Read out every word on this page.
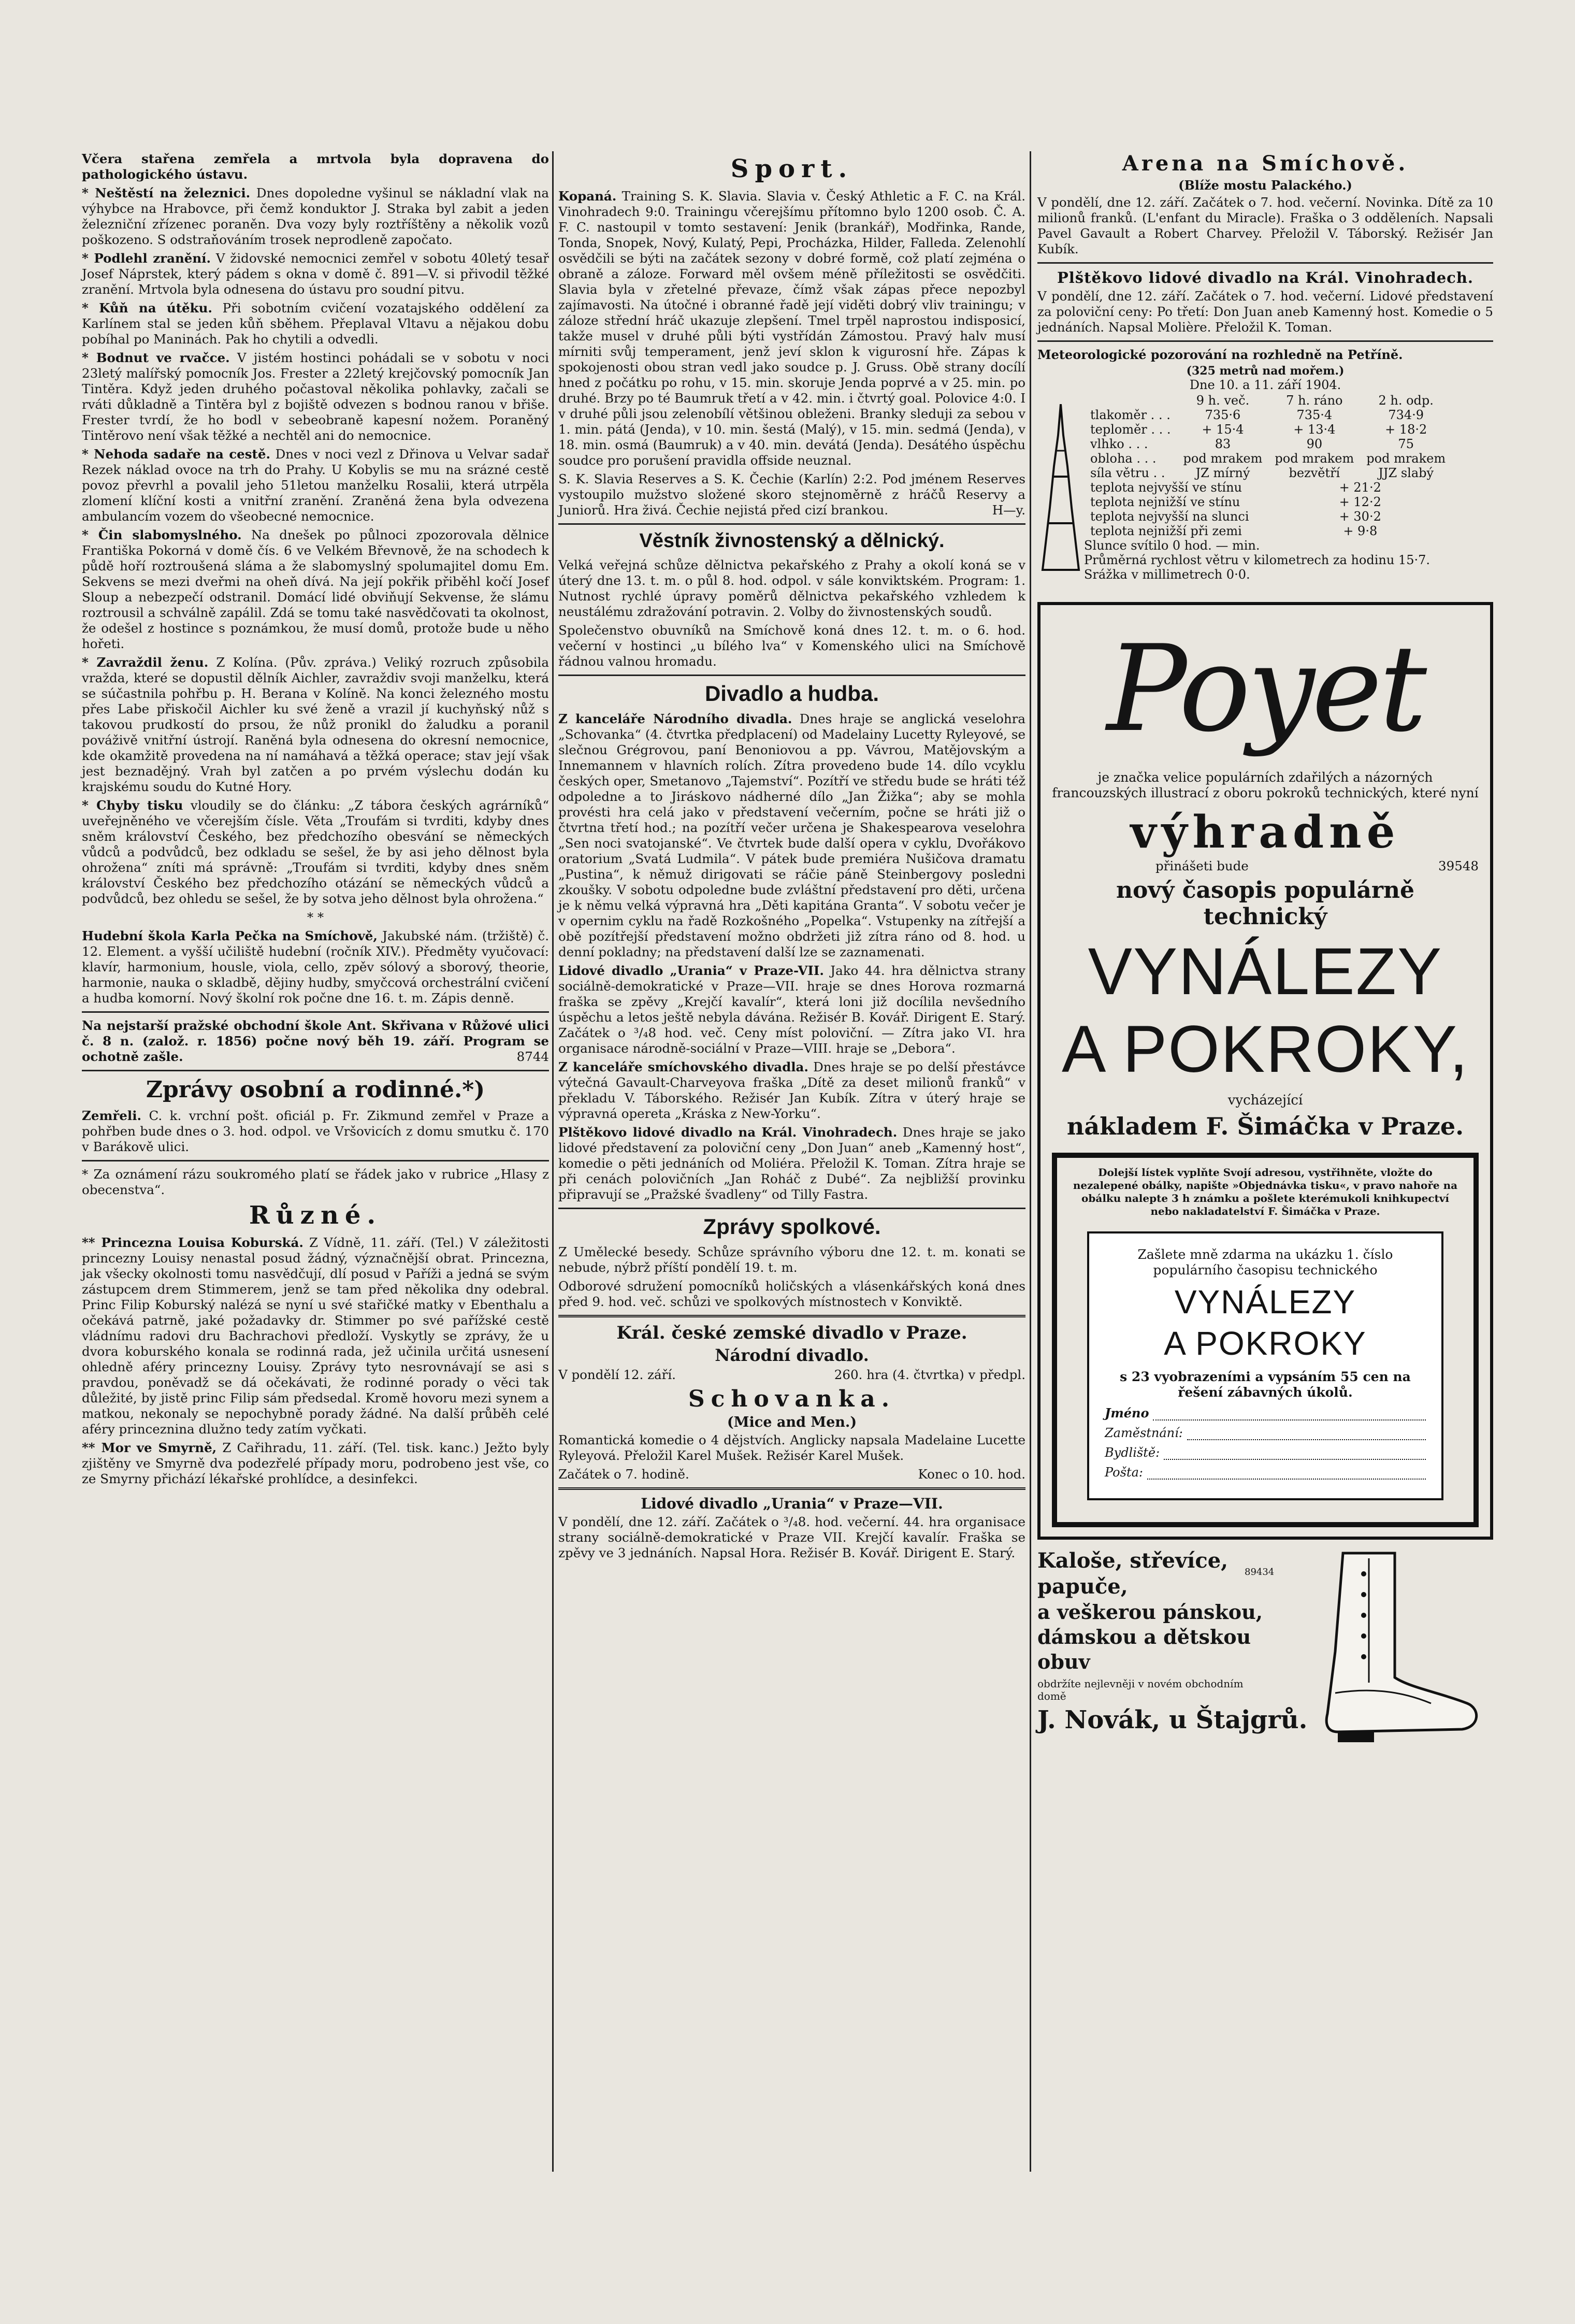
Včera stařena zemřela a mrtvola byla dopravena do pathologického ústavu.

* Neštěstí na železnici. Dnes dopoledne vyšinul se nákladní vlak na výhybce na Hrabovce, při čemž konduktor J. Straka byl zabit a jeden železniční zřízenec poraněn. Dva vozy byly roztříštěny a několik vozů poškozeno. S odstraňováním trosek neprodleně započato.

* Podlehl zranění. V židovské nemocnici zemřel v sobotu 40letý tesař Josef Náprstek, který pádem s okna v domě č. 891—V. si přivodil těžké zranění. Mrtvola byla odnesena do ústavu pro soudní pitvu.

* Kůň na útěku. Při sobotním cvičení vozatajského oddělení za Karlínem stal se jeden kůň sběhem. Přeplaval Vltavu a nějakou dobu pobíhal po Maninách. Pak ho chytili a odvedli.

* Bodnut ve rvačce. V jistém hostinci pohádali se v sobotu v noci 23letý malířský pomocník Jos. Frester a 22letý krejčovský pomocník Jan Tintěra. Když jeden druhého počastoval několika pohlavky, začali se rváti důkladně a Tintěra byl z bojiště odvezen s bodnou ranou v břiše. Frester tvrdí, že ho bodl v sebeobraně kapesní nožem. Poraněný Tintěrovo není však těžké a nechtěl ani do nemocnice.

* Nehoda sadaře na cestě. Dnes v noci vezl z Dřinova u Velvar sadař Rezek náklad ovoce na trh do Prahy. U Kobylis se mu na srázné cestě povoz převrhl a povalil jeho 51letou manželku Rosalii, která utrpěla zlomení klíční kosti a vnitřní zranění. Zraněná žena byla odvezena ambulancím vozem do všeobecné nemocnice.

* Čin slabomyslného. Na dnešek po půlnoci zpozorovala dělnice Františka Pokorná v domě čís. 6 ve Velkém Břevnově, že na schodech k půdě hoří roztroušená sláma a že slabomyslný spolumajitel domu Em. Sekvens se mezi dveřmi na oheň dívá. Na její pokřik přiběhl kočí Josef Sloup a nebezpečí odstranil. Domácí lidé obviňují Sekvense, že slámu roztrousil a schválně zapálil. Zdá se tomu také nasvědčovati ta okolnost, že odešel z hostince s poznámkou, že musí domů, protože bude u něho hořeti.

* Zavraždil ženu. Z Kolína. (Pův. zpráva.) Veliký rozruch způsobila vražda, které se dopustil dělník Aichler, zavraždiv svoji manželku, která se súčastnila pohřbu p. H. Berana v Kolíně. Na konci železného mostu přes Labe přiskočil Aichler ku své ženě a vrazil jí kuchyňský nůž s takovou prudkostí do prsou, že nůž pronikl do žaludku a poranil pováživě vnitřní ústrojí. Raněná byla odnesena do okresní nemocnice, kde okamžitě provedena na ní namáhavá a těžká operace; stav její však jest beznadějný. Vrah byl zatčen a po prvém výslechu dodán ku krajskému soudu do Kutné Hory.

* Chyby tisku vloudily se do článku: „Z tábora českých agrárníků“ uveřejněného ve včerejším čísle. Věta „Troufám si tvrditi, kdyby dnes sněm království Českého, bez předchozího obesvání se německých vůdců a podvůdců, bez odkladu se sešel, že by asi jeho dělnost byla ohrožena“ zníti má správně: „Troufám si tvrditi, kdyby dnes sněm království Českého bez předchozího otázání se německých vůdců a podvůdců, bez ohledu se sešel, že by sotva jeho dělnost byla ohrožena.“

* *

Hudební škola Karla Pečka na Smíchově, Jakubské nám. (tržiště) č. 12. Element. a vyšší učiliště hudební (ročník XIV.). Předměty vyučovací: klavír, harmonium, housle, viola, cello, zpěv sólový a sborový, theorie, harmonie, nauka o skladbě, dějiny hudby, smyčcová orchestrální cvičení a hudba komorní. Nový školní rok počne dne 16. t. m. Zápis denně.

Na nejstarší pražské obchodní škole Ant. Skřivana v Růžové ulici č. 8 n. (založ. r. 1856) počne nový běh 19. září. Program se ochotně zašle.	8744

Zprávy osobní a rodinné.*)

Zemřeli. C. k. vrchní pošt. oficiál p. Fr. Zikmund zemřel v Praze a pohřben bude dnes o 3. hod. odpol. ve Vršovicích z domu smutku č. 170 v Barákově ulici.

* Za oznámení rázu soukromého platí se řádek jako v rubrice „Hlasy z obecenstva“.

Různé.

** Princezna Louisa Koburská. Z Vídně, 11. září. (Tel.) V záležitosti princezny Louisy nenastal posud žádný, význačnější obrat. Princezna, jak všecky okolnosti tomu nasvědčují, dlí posud v Paříži a jedná se svým zástupcem drem Stimmerem, jenž se tam před několika dny odebral. Princ Filip Koburský nalézá se nyní u své stařičké matky v Ebenthalu a očekává patrně, jaké požadavky dr. Stimmer po své pařížské cestě vládnímu radovi dru Bachrachovi předloží. Vyskytly se zprávy, že u dvora koburského konala se rodinná rada, jež učinila určitá usnesení ohledně aféry princezny Louisy. Zprávy tyto nesrovnávají se asi s pravdou, poněvadž se dá očekávati, že rodinné porady o věci tak důležité, by jistě princ Filip sám předsedal. Kromě hovoru mezi synem a matkou, nekonaly se nepochybně porady žádné. Na další průběh celé aféry princeznina dlužno tedy zatím vyčkati.

** Mor ve Smyrně, Z Cařihradu, 11. září. (Tel. tisk. kanc.) Ježto byly zjištěny ve Smyrně dva podezřelé případy moru, podrobeno jest vše, co ze Smyrny přichází lékařské prohlídce, a desinfekci.

Sport.

Kopaná. Training S. K. Slavia. Slavia v. Český Athletic a F. C. na Král. Vinohradech 9:0. Trainingu včerejšímu přítomno bylo 1200 osob. Č. A. F. C. nastoupil v tomto sestavení: Jenik (brankář), Modřinka, Rande, Tonda, Snopek, Nový, Kulatý, Pepi, Procházka, Hilder, Falleda. Zelenohlí osvědčili se býti na začátek sezony v dobré formě, což platí zejména o obraně a záloze. Forward měl ovšem méně příležitosti se osvědčiti. Slavia byla v zřetelné převaze, čímž však zápas přece nepozbyl zajímavosti. Na útočné i obranné řadě její viděti dobrý vliv trainingu; v záloze střední hráč ukazuje zlepšení. Tmel trpěl naprostou indisposicí, takže musel v druhé půli býti vystřídán Zámostou. Pravý halv musí mírniti svůj temperament, jenž jeví sklon k vigurosní hře. Zápas k spokojenosti obou stran vedl jako soudce p. J. Gruss. Obě strany docílí hned z počátku po rohu, v 15. min. skoruje Jenda poprvé a v 25. min. po druhé. Brzy po té Baumruk třetí a v 42. min. i čtvrtý goal. Polovice 4:0. I v druhé půli jsou zelenobílí většinou obleženi. Branky sleduji za sebou v 1. min. pátá (Jenda), v 10. min. šestá (Malý), v 15. min. sedmá (Jenda), v 18. min. osmá (Baumruk) a v 40. min. devátá (Jenda). Desátého úspěchu soudce pro porušení pravidla offside neuznal.

S. K. Slavia Reserves a S. K. Čechie (Karlín) 2:2. Pod jménem Reserves vystoupilo mužstvo složené skoro stejnoměrně z hráčů Reservy a Juniorů. Hra živá. Čechie nejistá před cizí brankou.	H—y.

Věstník živnostenský a dělnický.

Velká veřejná schůze dělnictva pekařského z Prahy a okolí koná se v úterý dne 13. t. m. o půl 8. hod. odpol. v sále konviktském. Program: 1. Nutnost rychlé úpravy poměrů dělnictva pekařského vzhledem k neustálému zdražování potravin. 2. Volby do živnostenských soudů.

Společenstvo obuvníků na Smíchově koná dnes 12. t. m. o 6. hod. večerní v hostinci „u bílého lva“ v Komenského ulici na Smíchově řádnou valnou hromadu.

Divadlo a hudba.

Z kanceláře Národního divadla. Dnes hraje se anglická veselohra „Schovanka“ (4. čtvrtka předplacení) od Madelainy Lucetty Ryleyové, se slečnou Grégrovou, paní Benoniovou a pp. Vávrou, Matějovským a Innemannem v hlavních rolích. Zítra provedeno bude 14. dílo vcyklu českých oper, Smetanovo „Tajemství“. Pozítří ve středu bude se hráti též odpoledne a to Jiráskovo nádherné dílo „Jan Žižka“; aby se mohla provésti hra celá jako v představení večerním, počne se hráti již o čtvrtna třetí hod.; na pozítří večer určena je Shakespearova veselohra „Sen noci svatojanské“. Ve čtvrtek bude další opera v cyklu, Dvořákovo oratorium „Svatá Ludmila“. V pátek bude premiéra Nušičova dramatu „Pustina“, k němuž dirigovati se ráčie páně Steinbergovy posledni zkoušky. V sobotu odpoledne bude zvláštní představení pro děti, určena je k němu velká výpravná hra „Děti kapitána Granta“. V sobotu večer je v opernim cyklu na řadě Rozkošného „Popelka“. Vstupenky na zítřejší a obě pozítřejší představení možno obdržeti již zítra ráno od 8. hod. u denní pokladny; na představení další lze se zaznamenati.

Lidové divadlo „Urania“ v Praze-VII. Jako 44. hra dělnictva strany sociálně-demokratické v Praze—VII. hraje se dnes Horova rozmarná fraška se zpěvy „Krejčí kavalír“, která loni již docílila nevšedního úspěchu a letos ještě nebyla dávána. Režisér B. Kovář. Dirigent E. Starý. Začátek o ³/₄8 hod. več. Ceny míst poloviční. — Zítra jako VI. hra organisace národně-sociální v Praze—VIII. hraje se „Debora“.

Z kanceláře smíchovského divadla. Dnes hraje se po delší přestávce výtečná Gavault-Charveyova fraška „Dítě za deset milionů franků“ v překladu V. Táborského. Režisér Jan Kubík. Zítra v úterý hraje se výpravná opereta „Kráska z New-Yorku“.

Plštěkovo lidové divadlo na Král. Vinohradech. Dnes hraje se jako lidové představení za poloviční ceny „Don Juan“ aneb „Kamenný host“, komedie o pěti jednáních od Moliéra. Přeložil K. Toman. Zítra hraje se při cenách polovičních „Jan Roháč z Dubé“. Za nejbližší provinku připravují se „Pražské švadleny“ od Tilly Fastra.

Zprávy spolkové.

Z Umělecké besedy. Schůze správního výboru dne 12. t. m. konati se nebude, nýbrž příští pondělí 19. t. m.

Odborové sdružení pomocníků holičských a vlásenkářských koná dnes před 9. hod. več. schůzi ve spolkových místnostech v Konviktě.

Král. české zemské divadlo v Praze.
Národní divadlo.

V pondělí 12. září.	260. hra (4. čtvrtka) v předpl.

Schovanka.
(Mice and Men.)

Romantická komedie o 4 dějstvích. Anglicky napsala Madelaine Lucette Ryleyová. Přeložil Karel Mušek. Režisér Karel Mušek.

Začátek o 7. hodině.	Konec o 10. hod.

Lidové divadlo „Urania“ v Praze—VII.

V pondělí, dne 12. září. Začátek o ³/₄8. hod. večerní. 44. hra organisace strany sociálně-demokratické v Praze VII. Krejčí kavalír. Fraška se zpěvy ve 3 jednáních. Napsal Hora. Režisér B. Kovář. Dirigent E. Starý.

Arena na Smíchově.
(Blíže mostu Palackého.)

V pondělí, dne 12. září. Začátek o 7. hod. večerní. Novinka. Dítě za 10 milionů franků. (L'enfant du Miracle). Fraška o 3 odděleních. Napsali Pavel Gavault a Robert Charvey. Přeložil V. Táborský. Režisér Jan Kubík.

Plštěkovo lidové divadlo na Král. Vinohradech.

V pondělí, dne 12. září. Začátek o 7. hod. večerní. Lidové představení za poloviční ceny: Po třetí: Don Juan aneb Kamenný host. Komedie o 5 jednáních. Napsal Molière. Přeložil K. Toman.

Meteorologické pozorování na rozhledně na Petříně.
(325 metrů nad mořem.)
Dne 10. a 11. září 1904.
	9 h. več.	7 h. ráno	2 h. odp.
tlakoměr . . .	735·6	735·4	734·9
teploměr . . .	+ 15·4	+ 13·4	+ 18·2
vlhko . . .	83	90	75
obloha . . .	pod mrakem	pod mrakem	pod mrakem
síla větru . .	JZ mírný	bezvětří	JJZ slabý
teplota nejvyšší ve stínu		+ 21·2	
teplota nejnižší ve stínu		+ 12·2	
teplota nejvyšší na slunci		+ 30·2	
teplota nejnižší při zemi		+ 9·8	
Slunce svítilo 0 hod. — min.
Průměrná rychlost větru v kilometrech za hodinu 15·7.
Srážka v millimetrech 0·0.
Poyet

je značka velice populárních zdařilých a názorných francouzských illustrací z oboru pokroků technických, které nyní

výhradně

přinášeti bude	39548

nový časopis populárně technický
VYNÁLEZY
A POKROKY,
vycházející
nákladem F. Šimáčka v Praze.

Dolejší lístek vyplňte Svojí adresou, vystřihněte, vložte do nezalepené obálky, napište »Objednávka tisku«, v pravo nahoře na obálku nalepte 3 h známku a pošlete kterémukoli knihkupectví nebo nakladatelství F. Šimáčka v Praze.

Zašlete mně zdarma na ukázku 1. číslo populárního časopisu technického

VYNÁLEZY
A POKROKY

s 23 vyobrazeními a vypsáním 55 cen na řešení zábavných úkolů.

Jméno
Zaměstnání:
Bydliště:
Pošta:
Kaloše, střevíce, papuče,
89434
a veškerou pánskou, dámskou a dětskou obuv
obdržíte nejlevněji v novém obchodním domě
J. Novák, u Štajgrů.
